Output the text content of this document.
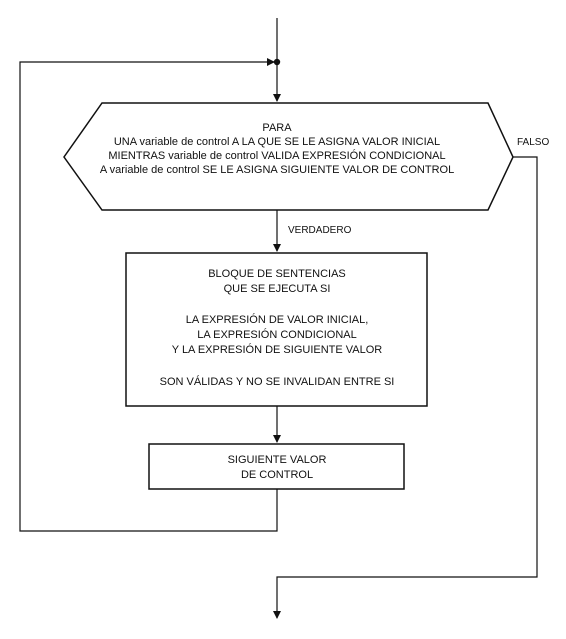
PARA
UNA variable de control A LA QUE SE LE ASIGNA VALOR INICIAL
MIENTRAS variable de control VALIDA EXPRESIÓN CONDICIONAL
A variable de control SE LE ASIGNA SIGUIENTE VALOR DE CONTROL
VERDADERO
BLOQUE DE SENTENCIAS
QUE SE EJECUTA SI
LA EXPRESIÓN DE VALOR INICIAL,
LA EXPRESIÓN CONDICIONAL
Y LA EXPRESIÓN DE SIGUIENTE VALOR
SON VÁLIDAS Y NO SE INVALIDAN ENTRE SI
SIGUIENTE VALOR
DE CONTROL
FALSO
